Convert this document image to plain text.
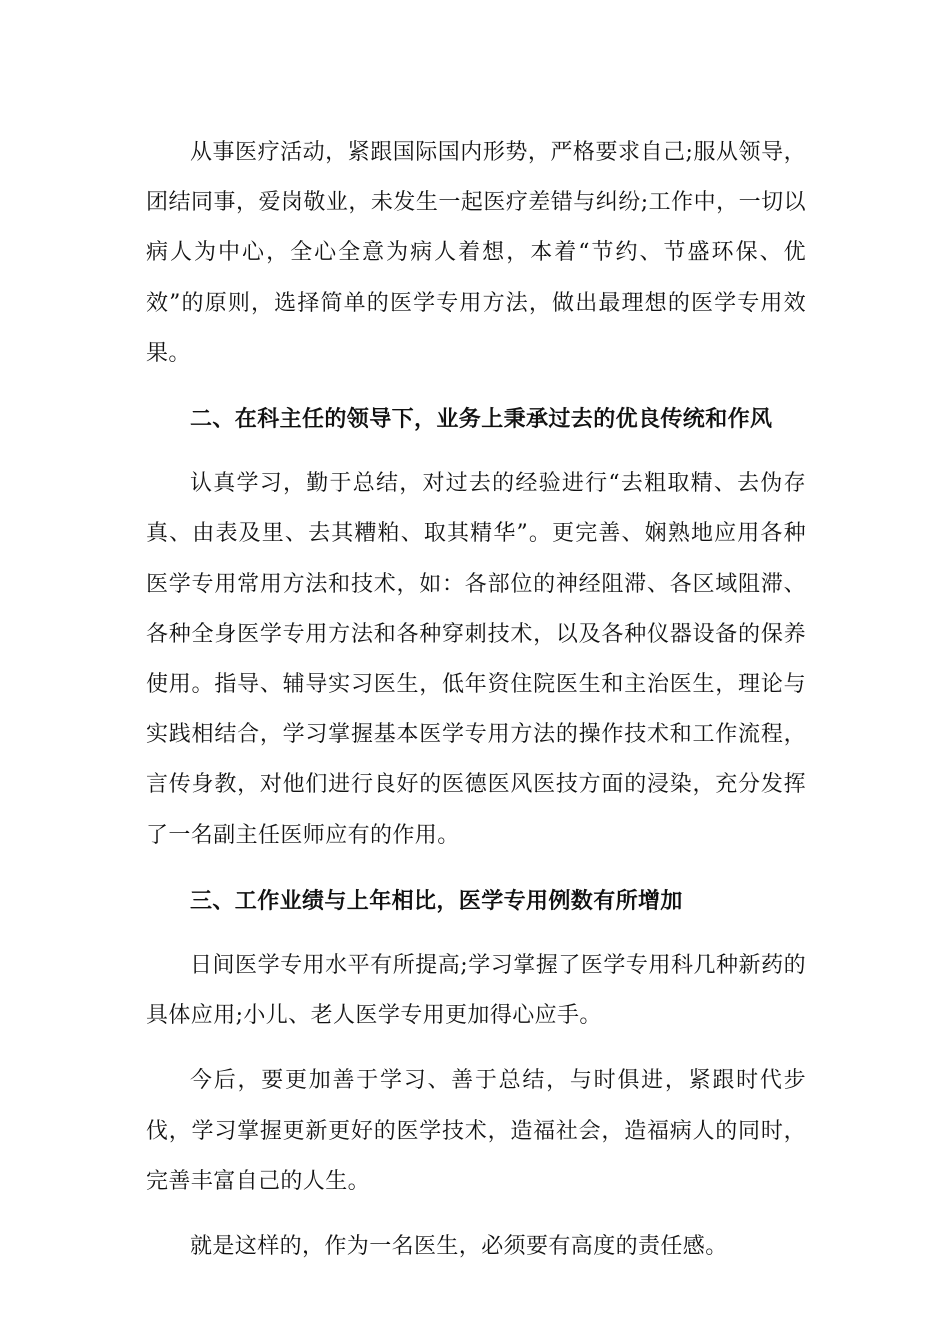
从事医疗活动，紧跟国际国内形势，严格要求自己;服从领导，团结同事，爱岗敬业，未发生一起医疗差错与纠纷;工作中，一切以病人为中心，全心全意为病人着想，本着“节约、节盛环保、优效”的原则，选择简单的医学专用方法，做出最理想的医学专用效果。

二、在科主任的领导下，业务上秉承过去的优良传统和作风

认真学习，勤于总结，对过去的经验进行“去粗取精、去伪存真、由表及里、去其糟粕、取其精华”。更完善、娴熟地应用各种医学专用常用方法和技术，如：各部位的神经阻滞、各区域阻滞、各种全身医学专用方法和各种穿刺技术，以及各种仪器设备的保养使用。指导、辅导实习医生，低年资住院医生和主治医生，理论与实践相结合，学习掌握基本医学专用方法的操作技术和工作流程，言传身教，对他们进行良好的医德医风医技方面的浸染，充分发挥了一名副主任医师应有的作用。

三、工作业绩与上年相比，医学专用例数有所增加

日间医学专用水平有所提高;学习掌握了医学专用科几种新药的具体应用;小儿、老人医学专用更加得心应手。

今后，要更加善于学习、善于总结，与时俱进，紧跟时代步伐，学习掌握更新更好的医学技术，造福社会，造福病人的同时，完善丰富自己的人生。

就是这样的，作为一名医生，必须要有高度的责任感。
